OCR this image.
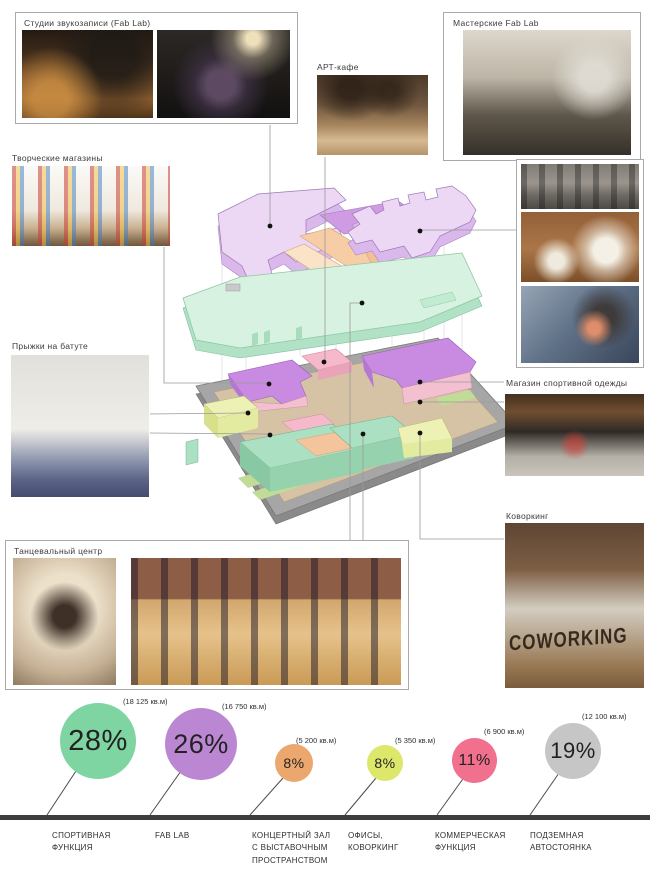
Студии звукозаписи (Fab Lab)
Творческие магазины
АРТ-кафе
Мастерские Fab Lab
Прыжки на батуте
Магазин спортивной одежды
Коворкинг
COWORKING
Танцевальный центр
28% 26%
8%	8%	11%	19%
(18 125 кв.м)
(16 750 кв.м)
(5 200 кв.м)	(5 350 кв.м)
(6 900 кв.м)
(12 100 кв.м)
СПОРТИВНАЯ
ФУНКЦИЯ
FAB LAB	КОНЦЕРТНЫЙ ЗАЛ
С ВЫСТАВОЧНЫМ
ПРОСТРАНСТВОМ
ОФИСЫ,
КОВОРКИНГ
КОММЕРЧЕСКАЯ
ФУНКЦИЯ
ПОДЗЕМНАЯ
АВТОСТОЯНКА
